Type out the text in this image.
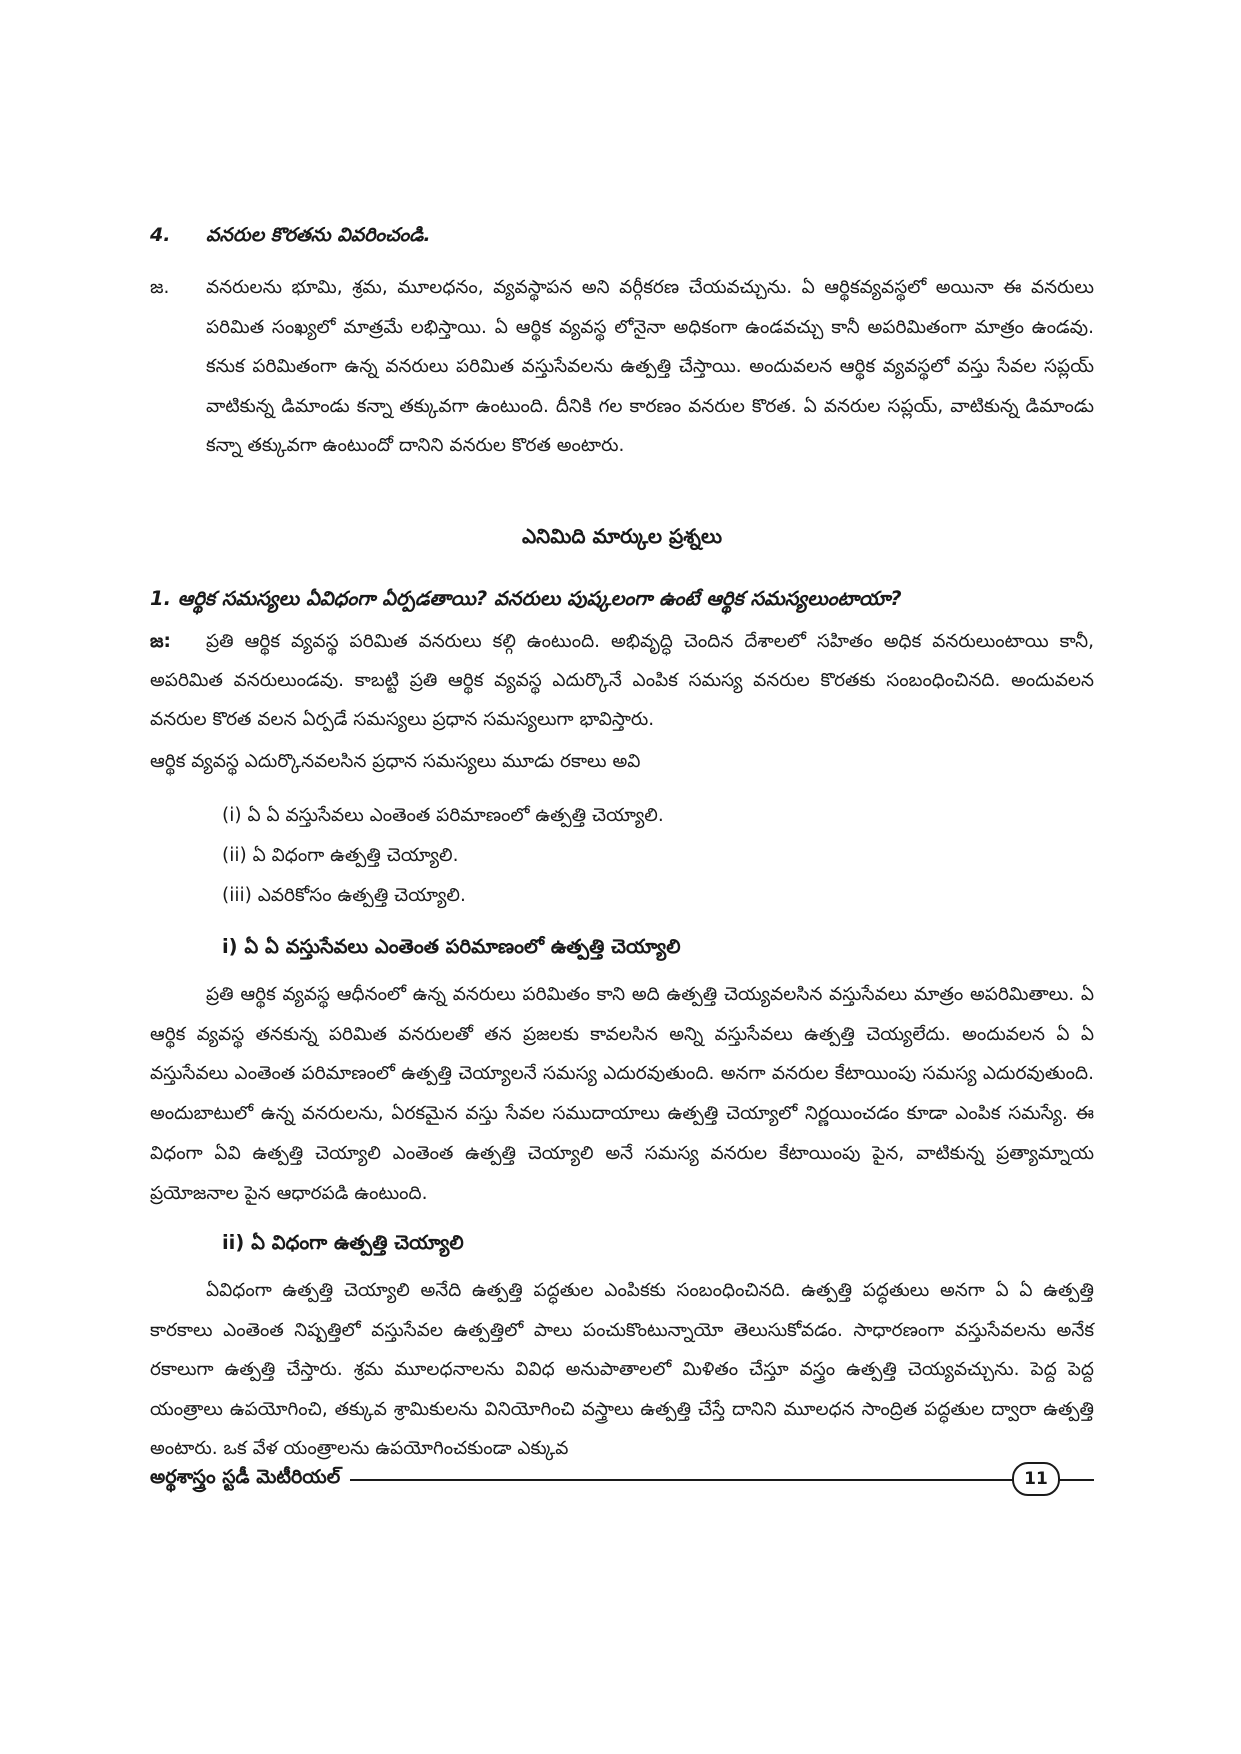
4. వనరుల కొరతను వివరించండి.
జ. వనరులను భూమి, శ్రమ, మూలధనం, వ్యవస్థాపన అని వర్గీకరణ చేయవచ్చును. ఏ ఆర్థికవ్యవస్థలో అయినా ఈ వనరులు పరిమిత సంఖ్యలో మాత్రమే లభిస్తాయి. ఏ ఆర్థిక వ్యవస్థ లోనైనా అధికంగా ఉండవచ్చు కానీ అపరిమితంగా మాత్రం ఉండవు. కనుక పరిమితంగా ఉన్న వనరులు పరిమిత వస్తుసేవలను ఉత్పత్తి చేస్తాయి. అందువలన ఆర్థిక వ్యవస్థలో వస్తు సేవల సప్లయ్ వాటికున్న డిమాండు కన్నా తక్కువగా ఉంటుంది. దీనికి గల కారణం వనరుల కొరత. ఏ వనరుల సప్లయ్, వాటికున్న డిమాండు కన్నా తక్కువగా ఉంటుందో దానిని వనరుల కొరత అంటారు.
ఎనిమిది మార్కుల ప్రశ్నలు
1. ఆర్థిక సమస్యలు ఏవిధంగా ఏర్పడతాయి? వనరులు పుష్కలంగా ఉంటే ఆర్థిక సమస్యలుంటాయా?
జ: ప్రతి ఆర్థిక వ్యవస్థ పరిమిత వనరులు కల్గి ఉంటుంది. అభివృద్ధి చెందిన దేశాలలో సహితం అధిక వనరులుంటాయి కానీ, అపరిమిత వనరులుండవు. కాబట్టి ప్రతి ఆర్థిక వ్యవస్థ ఎదుర్కొనే ఎంపిక సమస్య వనరుల కొరతకు సంబంధించినది. అందువలన వనరుల కొరత వలన ఏర్పడే సమస్యలు ప్రధాన సమస్యలుగా భావిస్తారు.
ఆర్థిక వ్యవస్థ ఎదుర్కొనవలసిన ప్రధాన సమస్యలు మూడు రకాలు అవి
(i) ఏ ఏ వస్తుసేవలు ఎంతెంత పరిమాణంలో ఉత్పత్తి చెయ్యాలి.
(ii) ఏ విధంగా ఉత్పత్తి చెయ్యాలి.
(iii) ఎవరికోసం ఉత్పత్తి చెయ్యాలి.
i) ఏ ఏ వస్తుసేవలు ఎంతెంత పరిమాణంలో ఉత్పత్తి చెయ్యాలి
ప్రతి ఆర్థిక వ్యవస్థ ఆధీనంలో ఉన్న వనరులు పరిమితం కాని అది ఉత్పత్తి చెయ్యవలసిన వస్తుసేవలు మాత్రం అపరిమితాలు. ఏ ఆర్థిక వ్యవస్థ తనకున్న పరిమిత వనరులతో తన ప్రజలకు కావలసిన అన్ని వస్తుసేవలు ఉత్పత్తి చెయ్యలేదు. అందువలన ఏ ఏ వస్తుసేవలు ఎంతెంత పరిమాణంలో ఉత్పత్తి చెయ్యాలనే సమస్య ఎదురవుతుంది. అనగా వనరుల కేటాయింపు సమస్య ఎదురవుతుంది. అందుబాటులో ఉన్న వనరులను, ఏరకమైన వస్తు సేవల సముదాయాలు ఉత్పత్తి చెయ్యాలో నిర్ణయించడం కూడా ఎంపిక సమస్యే. ఈ విధంగా ఏవి ఉత్పత్తి చెయ్యాలి ఎంతెంత ఉత్పత్తి చెయ్యాలి అనే సమస్య వనరుల కేటాయింపు పైన, వాటికున్న ప్రత్యామ్నాయ ప్రయోజనాల పైన ఆధారపడి ఉంటుంది.
ii) ఏ విధంగా ఉత్పత్తి చెయ్యాలి
ఏవిధంగా ఉత్పత్తి చెయ్యాలి అనేది ఉత్పత్తి పద్ధతుల ఎంపికకు సంబంధించినది. ఉత్పత్తి పద్ధతులు అనగా ఏ ఏ ఉత్పత్తి కారకాలు ఎంతెంత నిష్పత్తిలో వస్తుసేవల ఉత్పత్తిలో పాలు పంచుకొంటున్నాయో తెలుసుకోవడం. సాధారణంగా వస్తుసేవలను అనేక రకాలుగా ఉత్పత్తి చేస్తారు. శ్రమ మూలధనాలను వివిధ అనుపాతాలలో మిళితం చేస్తూ వస్త్రం ఉత్పత్తి చెయ్యవచ్చును. పెద్ద పెద్ద యంత్రాలు ఉపయోగించి, తక్కువ శ్రామికులను వినియోగించి వస్త్రాలు ఉత్పత్తి చేస్తే దానిని మూలధన సాంద్రిత పద్ధతుల ద్వారా ఉత్పత్తి అంటారు. ఒక వేళ యంత్రాలను ఉపయోగించకుండా ఎక్కువ
అర్థశాస్త్రం స్టడీ మెటీరియల్	11
